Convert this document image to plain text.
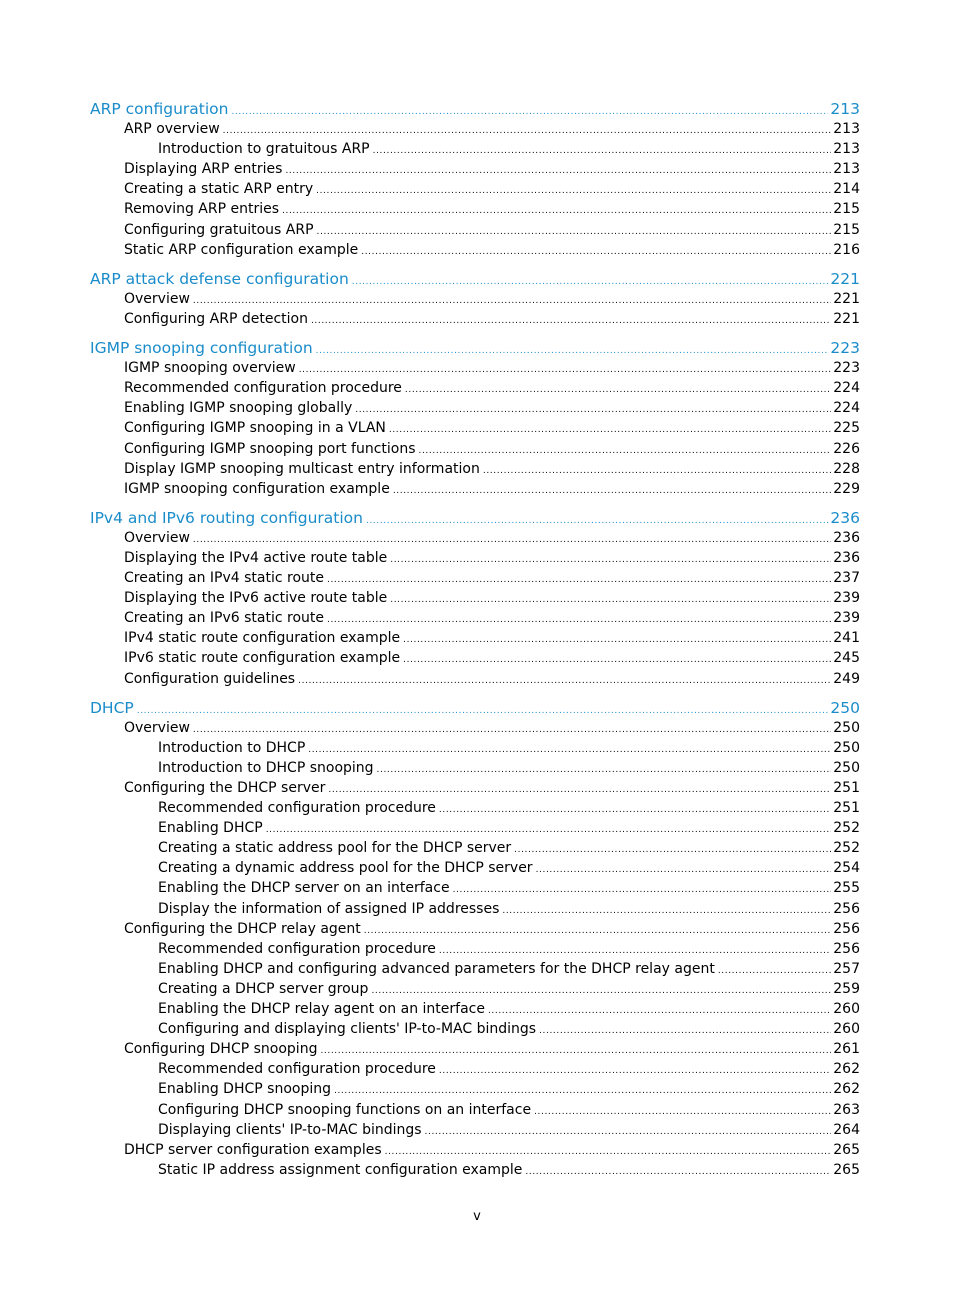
ARP configuration .....	213
ARP overview .....	213
Introduction to gratuitous ARP .....	213
Displaying ARP entries .....	213
Creating a static ARP entry .....	214
Removing ARP entries .....	215
Configuring gratuitous ARP .....	215
Static ARP configuration example .....	216
ARP attack defense configuration .....	221
Overview .....	221
Configuring ARP detection .....	221
IGMP snooping configuration .....	223
IGMP snooping overview .....	223
Recommended configuration procedure .....	224
Enabling IGMP snooping globally .....	224
Configuring IGMP snooping in a VLAN .....	225
Configuring IGMP snooping port functions .....	226
Display IGMP snooping multicast entry information .....	228
IGMP snooping configuration example .....	229
IPv4 and IPv6 routing configuration .....	236
Overview .....	236
Displaying the IPv4 active route table .....	236
Creating an IPv4 static route .....	237
Displaying the IPv6 active route table .....	239
Creating an IPv6 static route .....	239
IPv4 static route configuration example .....	241
IPv6 static route configuration example .....	245
Configuration guidelines .....	249
DHCP .....	250
Overview .....	250
Introduction to DHCP .....	250
Introduction to DHCP snooping .....	250
Configuring the DHCP server .....	251
Recommended configuration procedure .....	251
Enabling DHCP .....	252
Creating a static address pool for the DHCP server .....	252
Creating a dynamic address pool for the DHCP server .....	254
Enabling the DHCP server on an interface .....	255
Display the information of assigned IP addresses .....	256
Configuring the DHCP relay agent .....	256
Recommended configuration procedure .....	256
Enabling DHCP and configuring advanced parameters for the DHCP relay agent .....	257
Creating a DHCP server group .....	259
Enabling the DHCP relay agent on an interface .....	260
Configuring and displaying clients' IP-to-MAC bindings .....	260
Configuring DHCP snooping .....	261
Recommended configuration procedure .....	262
Enabling DHCP snooping .....	262
Configuring DHCP snooping functions on an interface .....	263
Displaying clients' IP-to-MAC bindings .....	264
DHCP server configuration examples .....	265
Static IP address assignment configuration example .....	265
v
